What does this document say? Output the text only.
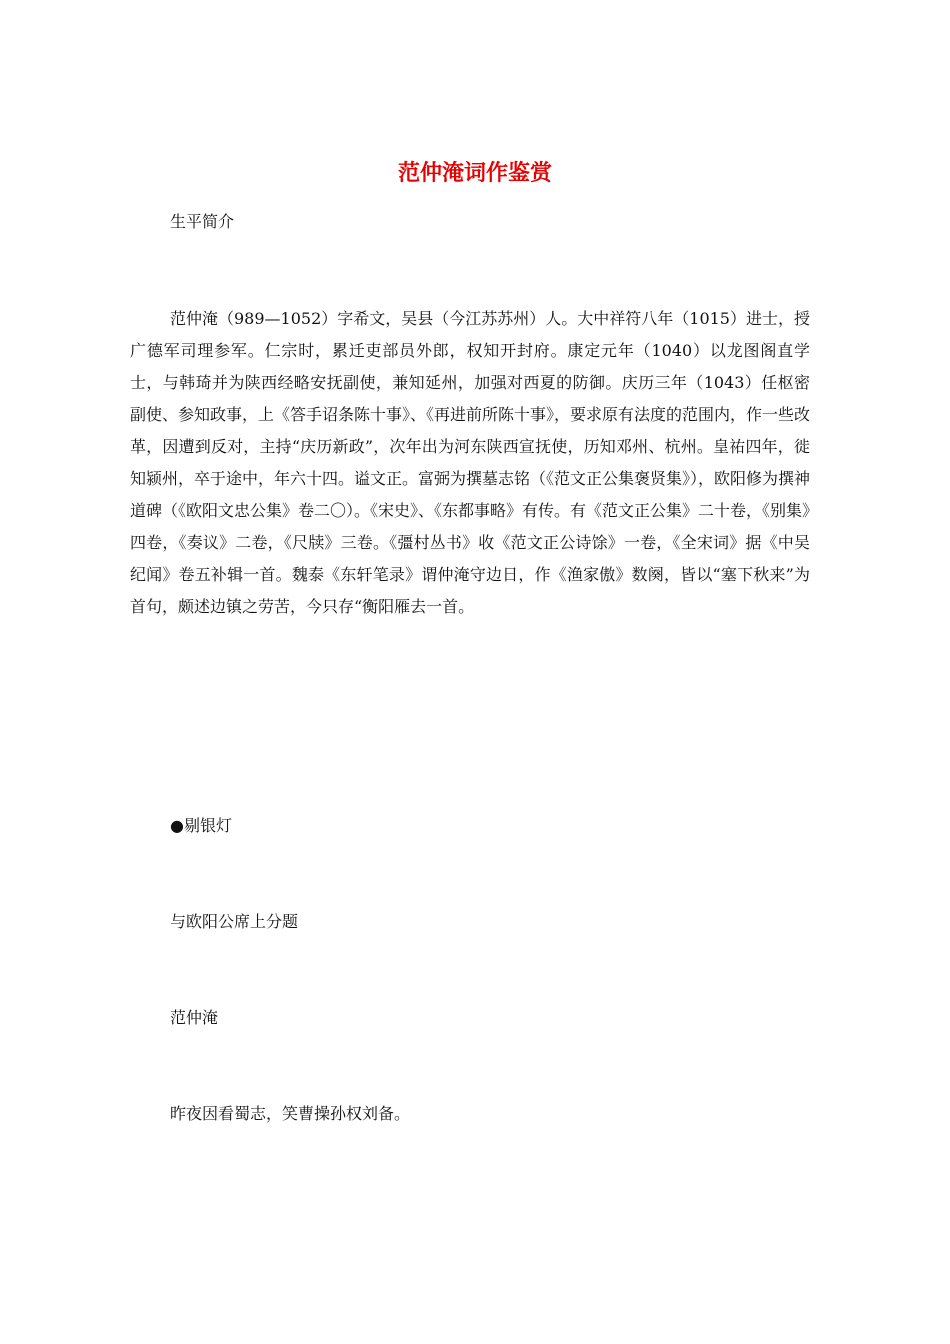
范仲淹词作鉴赏

生平简介

范仲淹（989—1052）字希文，吴县（今江苏苏州）人。大中祥符八年（1015）进士，授广德军司理参军。仁宗时，累迁吏部员外郎，权知开封府。康定元年（1040）以龙图阁直学士，与韩琦并为陕西经略安抚副使，兼知延州，加强对西夏的防御。庆历三年（1043）任枢密副使、参知政事，上《答手诏条陈十事》、《再进前所陈十事》，要求原有法度的范围内，作一些改革，因遭到反对，主持“庆历新政”，次年出为河东陕西宣抚使，历知邓州、杭州。皇祐四年，徙知颍州，卒于途中，年六十四。谥文正。富弼为撰墓志铭（《范文正公集褒贤集》），欧阳修为撰神道碑（《欧阳文忠公集》卷二〇）。《宋史》、《东都事略》有传。有《范文正公集》二十卷，《别集》四卷，《奏议》二卷，《尺牍》三卷。《彊村丛书》收《范文正公诗馀》一卷，《全宋词》据《中吴纪闻》卷五补辑一首。魏泰《东轩笔录》谓仲淹守边日，作《渔家傲》数阕，皆以“塞下秋来”为首句，颇述边镇之劳苦，今只存“衡阳雁去一首。

●剔银灯

与欧阳公席上分题

范仲淹

昨夜因看蜀志，笑曹操孙权刘备。
